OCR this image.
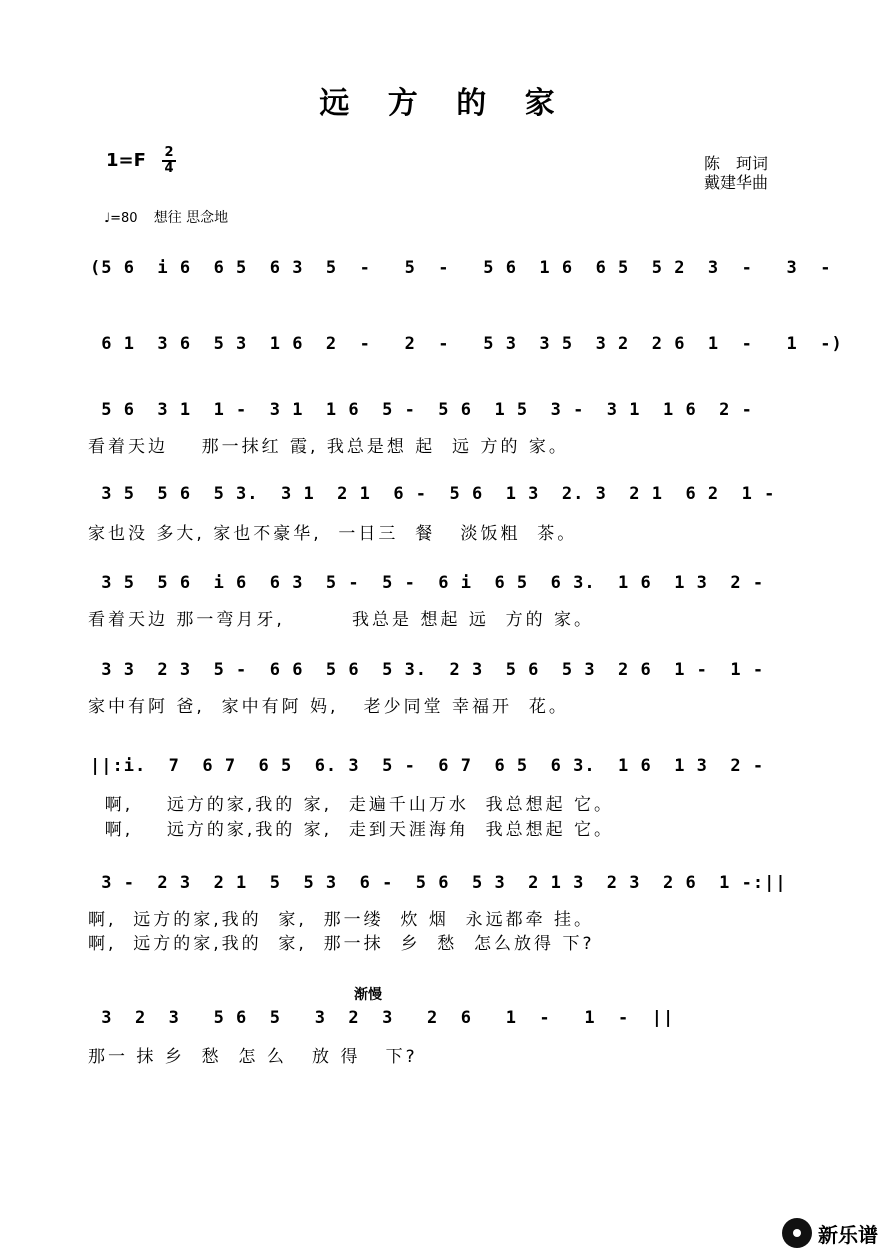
远 方 的 家
1=F 2
4	陈　珂词
戴建华曲
♩=80 想往 思念地
(5 6  i 6  6 5  6 3  5  -   5  -   5 6  1 6  6 5  5 2  3  -   3  -
6 1  3 6  5 3  1 6  2  -   2  -   5 3  3 5  3 2  2 6  1  -   1  -)
5 6  3 1  1 -  3 1  1 6  5 -  5 6  1 5  3 -  3 1  1 6  2 -
看着天边    那一抹红 霞, 我总是想 起  远 方的 家。
3 5  5 6  5 3.  3 1  2 1  6 -  5 6  1 3  2. 3  2 1  6 2  1 -
家也没 多大, 家也不豪华,  一日三  餐   淡饭粗  茶。
3 5  5 6  i 6  6 3  5 -  5 -  6 i  6 5  6 3.  1 6  1 3  2 -
看着天边 那一弯月牙,        我总是 想起 远  方的 家。
3 3  2 3  5 -  6 6  5 6  5 3.  2 3  5 6  5 3  2 6  1 -  1 -
家中有阿 爸,  家中有阿 妈,   老少同堂 幸福开  花。
||:i.  7  6 7  6 5  6. 3  5 -  6 7  6 5  6 3.  1 6  1 3  2 -
啊,    远方的家,我的 家,  走遍千山万水  我总想起 它。
啊,    远方的家,我的 家,  走到天涯海角  我总想起 它。
3 -  2 3  2 1  5  5 3  6 -  5 6  5 3  2 1 3  2 3  2 6  1 -:||
啊,  远方的家,我的  家,  那一缕  炊 烟  永远都牵 挂。
啊,  远方的家,我的  家,  那一抹  乡  愁  怎么放得 下?
渐慢
3  2  3   5 6  5   3  2  3   2  6   1  -   1  -  ||
那一 抹 乡  愁  怎 么   放 得   下?
新乐谱
